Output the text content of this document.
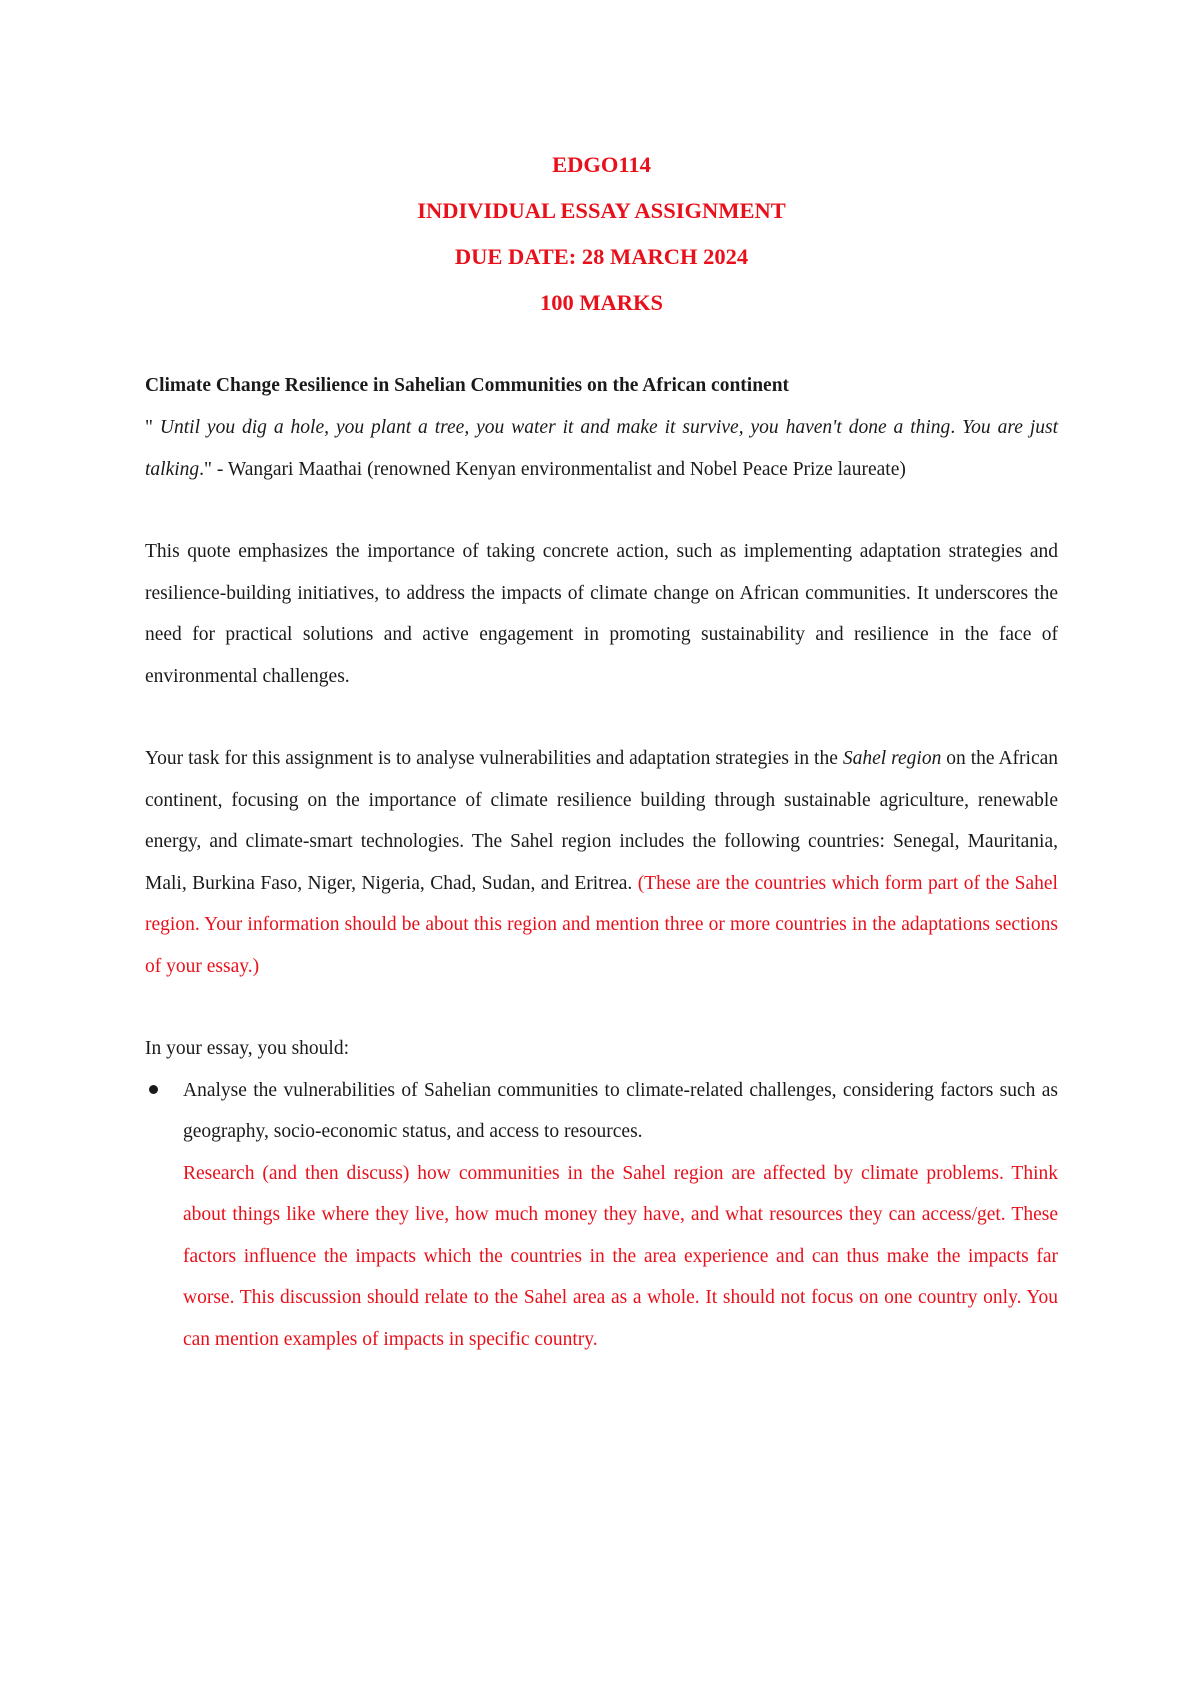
EDGO114
INDIVIDUAL ESSAY ASSIGNMENT
DUE DATE: 28 MARCH 2024
100 MARKS
Climate Change Resilience in Sahelian Communities on the African continent

" Until you dig a hole, you plant a tree, you water it and make it survive, you haven't done a thing. You are just talking." - Wangari Maathai (renowned Kenyan environmentalist and Nobel Peace Prize laureate)

This quote emphasizes the importance of taking concrete action, such as implementing adaptation strategies and resilience-building initiatives, to address the impacts of climate change on African communities. It underscores the need for practical solutions and active engagement in promoting sustainability and resilience in the face of environmental challenges.

Your task for this assignment is to analyse vulnerabilities and adaptation strategies in the Sahel region on the African continent, focusing on the importance of climate resilience building through sustainable agriculture, renewable energy, and climate-smart technologies. The Sahel region includes the following countries: Senegal, Mauritania, Mali, Burkina Faso, Niger, Nigeria, Chad, Sudan, and Eritrea. (These are the countries which form part of the Sahel region. Your information should be about this region and mention three or more countries in the adaptations sections of your essay.)

In your essay, you should:

Analyse the vulnerabilities of Sahelian communities to climate-related challenges, considering factors such as geography, socio-economic status, and access to resources.

Research (and then discuss) how communities in the Sahel region are affected by climate problems. Think about things like where they live, how much money they have, and what resources they can access/get. These factors influence the impacts which the countries in the area experience and can thus make the impacts far worse. This discussion should relate to the Sahel area as a whole. It should not focus on one country only. You can mention examples of impacts in specific country.
